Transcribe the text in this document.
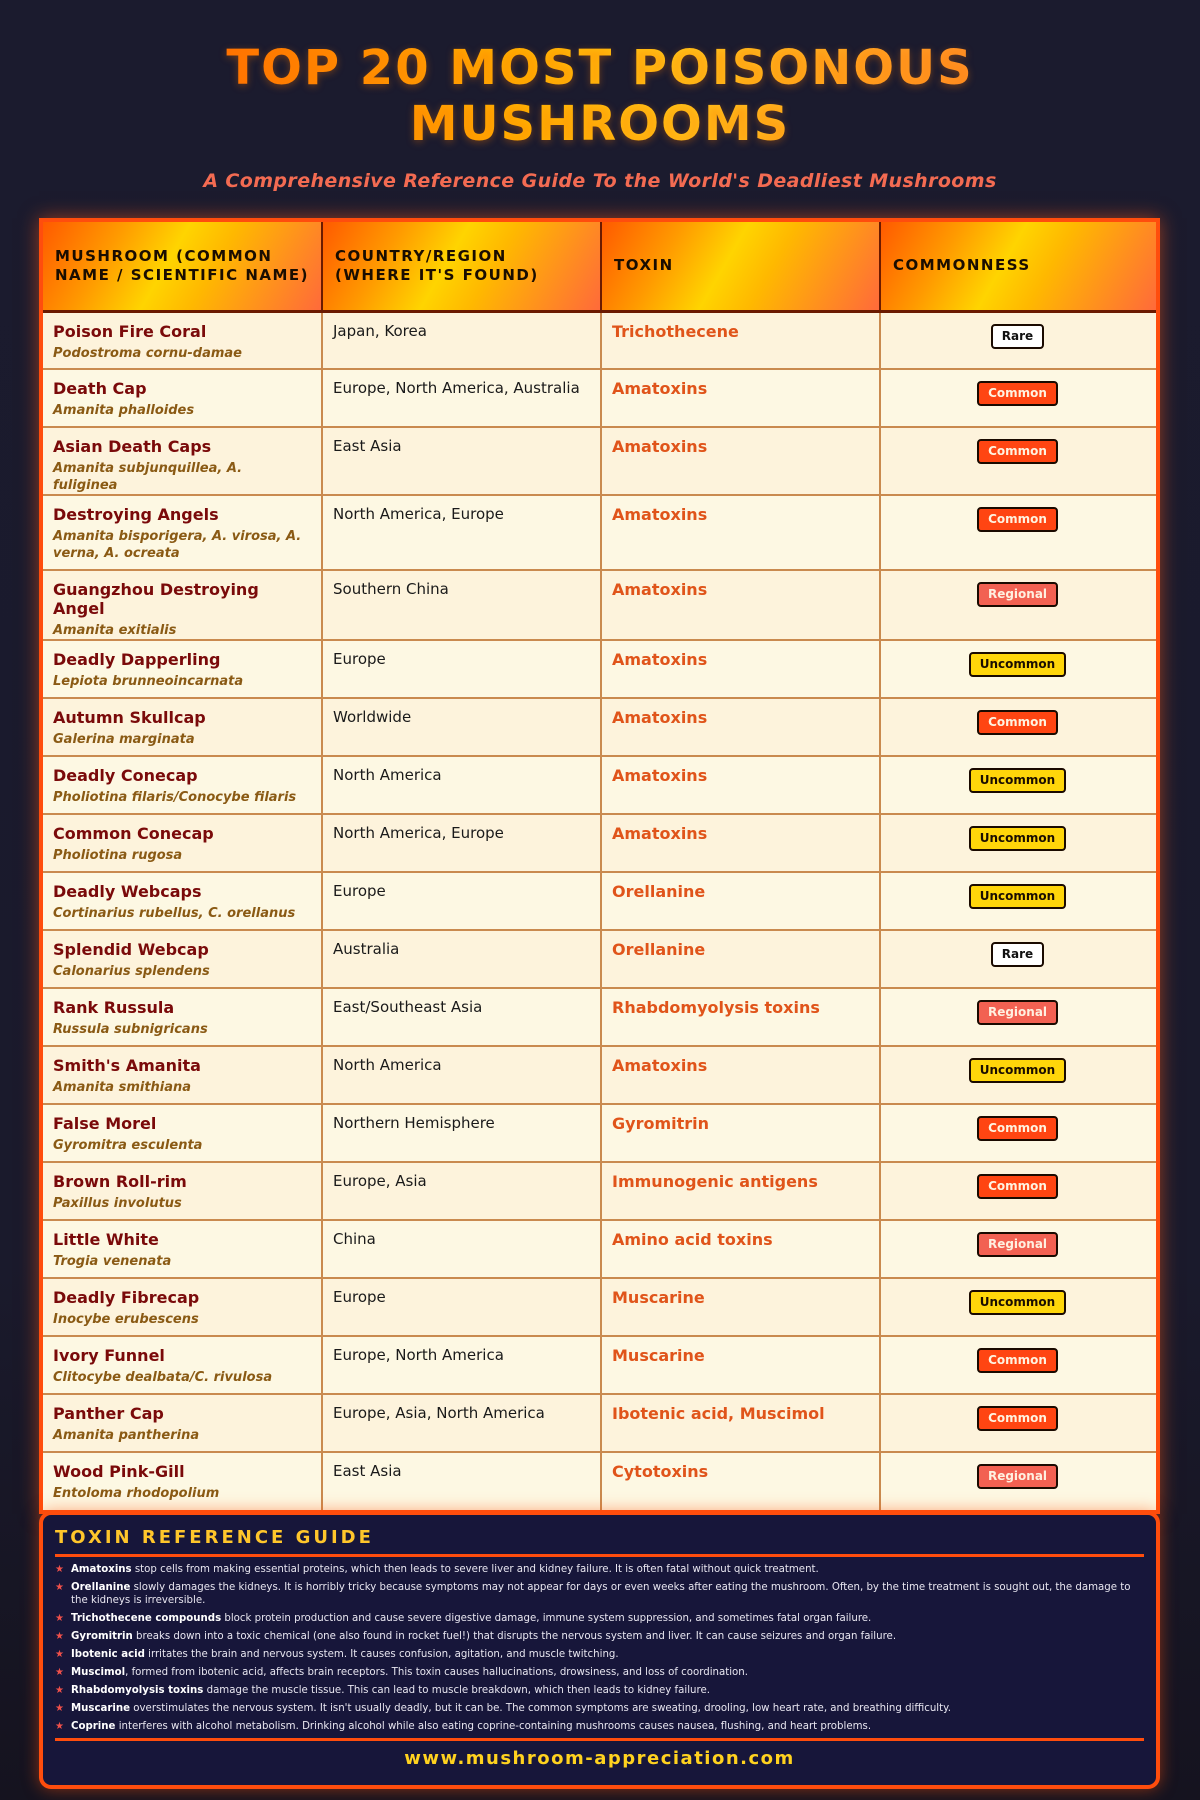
TOP 20 MOST POISONOUS MUSHROOMS
A Comprehensive Reference Guide To the World's Deadliest Mushrooms
MUSHROOM (COMMON NAME / SCIENTIFIC NAME)	COUNTRY/REGION (WHERE IT'S FOUND)	TOXIN	COMMONNESS

Poison Fire Coral
Podostroma cornu-damae	Japan, Korea	Trichothecene	Rare

Death Cap
Amanita phalloides	Europe, North America, Australia	Amatoxins	Common

Asian Death Caps
Amanita subjunquillea, A. fuliginea	East Asia	Amatoxins	Common

Destroying Angels
Amanita bisporigera, A. virosa, A. verna, A. ocreata	North America, Europe	Amatoxins	Common

Guangzhou Destroying Angel
Amanita exitialis	Southern China	Amatoxins	Regional

Deadly Dapperling
Lepiota brunneoincarnata	Europe	Amatoxins	Uncommon

Autumn Skullcap
Galerina marginata	Worldwide	Amatoxins	Common

Deadly Conecap
Pholiotina filaris/Conocybe filaris	North America	Amatoxins	Uncommon

Common Conecap
Pholiotina rugosa	North America, Europe	Amatoxins	Uncommon

Deadly Webcaps
Cortinarius rubellus, C. orellanus	Europe	Orellanine	Uncommon

Splendid Webcap
Calonarius splendens	Australia	Orellanine	Rare

Rank Russula
Russula subnigricans	East/Southeast Asia	Rhabdomyolysis toxins	Regional

Smith's Amanita
Amanita smithiana	North America	Amatoxins	Uncommon

False Morel
Gyromitra esculenta	Northern Hemisphere	Gyromitrin	Common

Brown Roll-rim
Paxillus involutus	Europe, Asia	Immunogenic antigens	Common

Little White
Trogia venenata	China	Amino acid toxins	Regional

Deadly Fibrecap
Inocybe erubescens	Europe	Muscarine	Uncommon

Ivory Funnel
Clitocybe dealbata/C. rivulosa	Europe, North America	Muscarine	Common

Panther Cap
Amanita pantherina	Europe, Asia, North America	Ibotenic acid, Muscimol	Common

Wood Pink-Gill
Entoloma rhodopolium	East Asia	Cytotoxins	Regional
TOXIN REFERENCE GUIDE
★ Amatoxins stop cells from making essential proteins, which then leads to severe liver and kidney failure. It is often fatal without quick treatment.
★ Orellanine slowly damages the kidneys. It is horribly tricky because symptoms may not appear for days or even weeks after eating the mushroom. Often, by the time treatment is sought out, the damage to the kidneys is irreversible.
★ Trichothecene compounds block protein production and cause severe digestive damage, immune system suppression, and sometimes fatal organ failure.
★ Gyromitrin breaks down into a toxic chemical (one also found in rocket fuel!) that disrupts the nervous system and liver. It can cause seizures and organ failure.
★ Ibotenic acid irritates the brain and nervous system. It causes confusion, agitation, and muscle twitching.
★ Muscimol, formed from ibotenic acid, affects brain receptors. This toxin causes hallucinations, drowsiness, and loss of coordination.
★ Rhabdomyolysis toxins damage the muscle tissue. This can lead to muscle breakdown, which then leads to kidney failure.
★ Muscarine overstimulates the nervous system. It isn't usually deadly, but it can be. The common symptoms are sweating, drooling, low heart rate, and breathing difficulty.
★ Coprine interferes with alcohol metabolism. Drinking alcohol while also eating coprine-containing mushrooms causes nausea, flushing, and heart problems.
www.mushroom-appreciation.com
